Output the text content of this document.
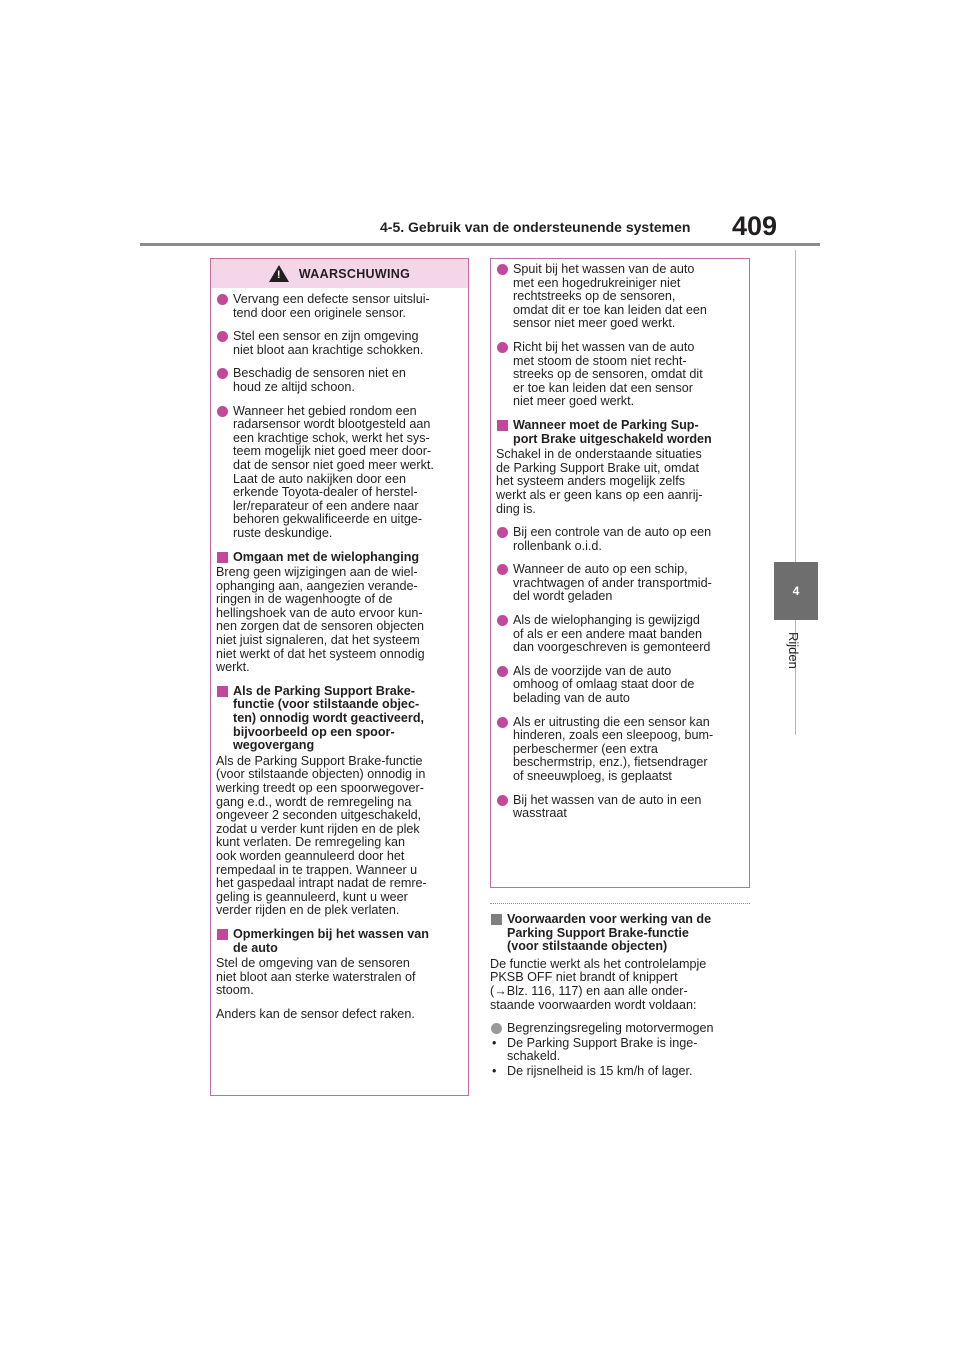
4-5. Gebruik van de ondersteunende systemen 409
4
Rijden
! WAARSCHUWING
Vervang een defecte sensor uitslui-
tend door een originele sensor.
Stel een sensor en zijn omgeving
niet bloot aan krachtige schokken.
Beschadig de sensoren niet en
houd ze altijd schoon.
Wanneer het gebied rondom een
radarsensor wordt blootgesteld aan
een krachtige schok, werkt het sys-
teem mogelijk niet goed meer door-
dat de sensor niet goed meer werkt.
Laat de auto nakijken door een
erkende Toyota-dealer of herstel-
ler/reparateur of een andere naar
behoren gekwalificeerde en uitge-
ruste deskundige.
Omgaan met de wielophanging
Breng geen wijzigingen aan de wiel-
ophanging aan, aangezien verande-
ringen in de wagenhoogte of de
hellingshoek van de auto ervoor kun-
nen zorgen dat de sensoren objecten
niet juist signaleren, dat het systeem
niet werkt of dat het systeem onnodig
werkt.
Als de Parking Support Brake-
functie (voor stilstaande objec-
ten) onnodig wordt geactiveerd,
bijvoorbeeld op een spoor-
wegovergang
Als de Parking Support Brake-functie
(voor stilstaande objecten) onnodig in
werking treedt op een spoorwegover-
gang e.d., wordt de remregeling na
ongeveer 2 seconden uitgeschakeld,
zodat u verder kunt rijden en de plek
kunt verlaten. De remregeling kan
ook worden geannuleerd door het
rempedaal in te trappen. Wanneer u
het gaspedaal intrapt nadat de remre-
geling is geannuleerd, kunt u weer
verder rijden en de plek verlaten.
Opmerkingen bij het wassen van
de auto
Stel de omgeving van de sensoren
niet bloot aan sterke waterstralen of
stoom.
Anders kan de sensor defect raken.
Spuit bij het wassen van de auto
met een hogedrukreiniger niet
rechtstreeks op de sensoren,
omdat dit er toe kan leiden dat een
sensor niet meer goed werkt.
Richt bij het wassen van de auto
met stoom de stoom niet recht-
streeks op de sensoren, omdat dit
er toe kan leiden dat een sensor
niet meer goed werkt.
Wanneer moet de Parking Sup-
port Brake uitgeschakeld worden
Schakel in de onderstaande situaties
de Parking Support Brake uit, omdat
het systeem anders mogelijk zelfs
werkt als er geen kans op een aanrij-
ding is.
Bij een controle van de auto op een
rollenbank o.i.d.
Wanneer de auto op een schip,
vrachtwagen of ander transportmid-
del wordt geladen
Als de wielophanging is gewijzigd
of als er een andere maat banden
dan voorgeschreven is gemonteerd
Als de voorzijde van de auto
omhoog of omlaag staat door de
belading van de auto
Als er uitrusting die een sensor kan
hinderen, zoals een sleepoog, bum-
perbeschermer (een extra
beschermstrip, enz.), fietsendrager
of sneeuwploeg, is geplaatst
Bij het wassen van de auto in een
wasstraat
Voorwaarden voor werking van de
Parking Support Brake-functie
(voor stilstaande objecten)
De functie werkt als het controlelampje
PKSB OFF niet brandt of knippert
(→Blz. 116, 117) en aan alle onder-
staande voorwaarden wordt voldaan:
Begrenzingsregeling motorvermogen
• De Parking Support Brake is inge-
schakeld.
• De rijsnelheid is 15 km/h of lager.
